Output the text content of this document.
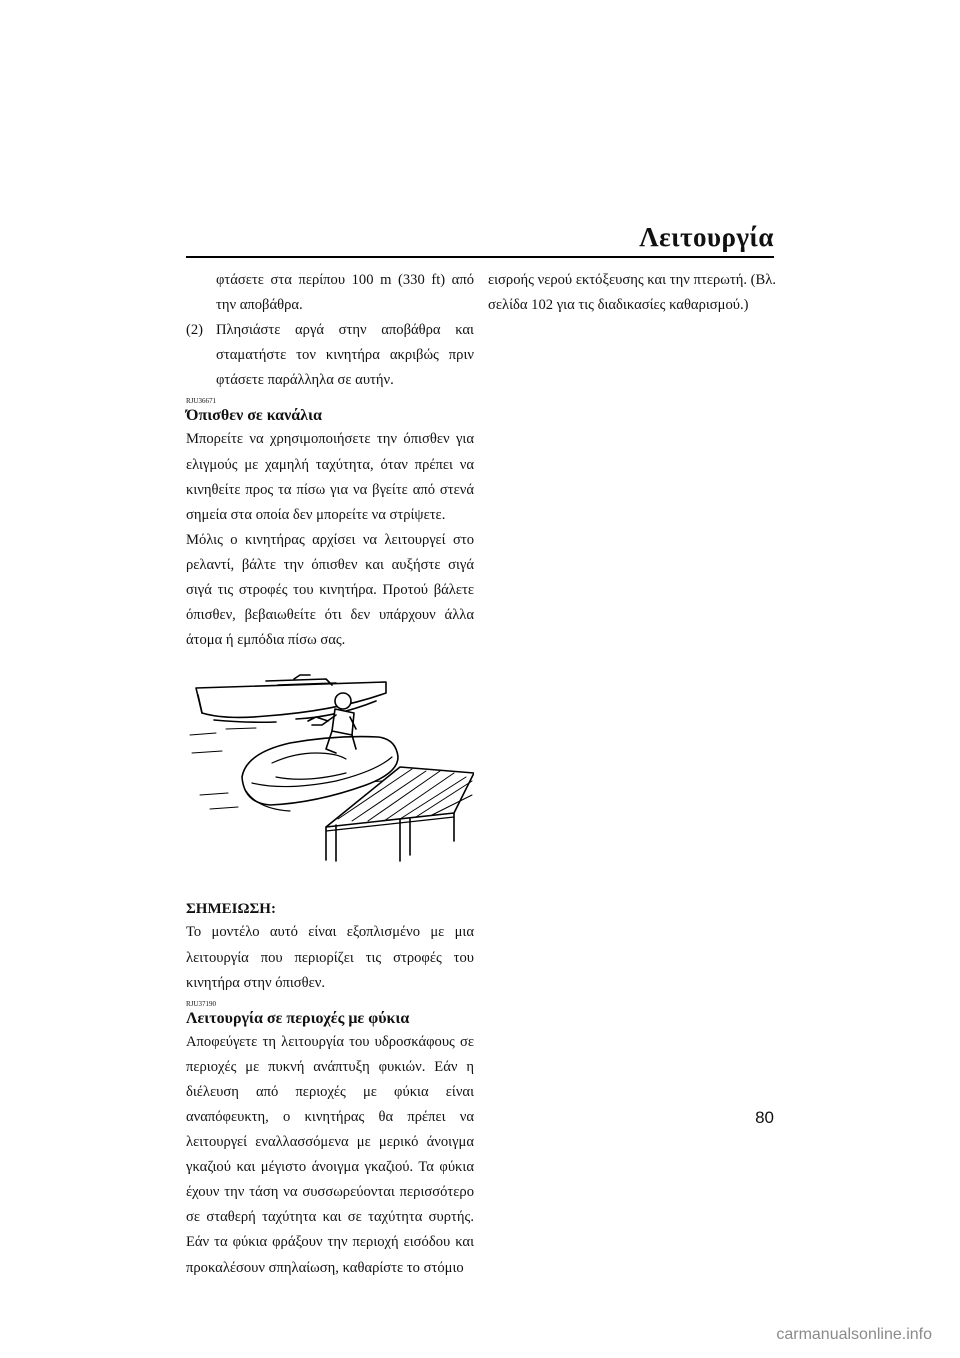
Λειτουργία

φτάσετε στα περίπου 100 m (330 ft) από την αποβάθρα.

(2) Πλησιάστε αργά στην αποβάθρα και σταματήστε τον κινητήρα ακριβώς πριν φτάσετε παράλληλα σε αυτήν.
RJU36671
Όπισθεν σε κανάλια

Μπορείτε να χρησιμοποιήσετε την όπισθεν για ελιγμούς με χαμηλή ταχύτητα, όταν πρέπει να κινηθείτε προς τα πίσω για να βγείτε από στενά σημεία στα οποία δεν μπορείτε να στρίψετε.

Μόλις ο κινητήρας αρχίσει να λειτουργεί στο ρελαντί, βάλτε την όπισθεν και αυξήστε σιγά σιγά τις στροφές του κινητήρα. Προτού βάλετε όπισθεν, βεβαιωθείτε ότι δεν υπάρχουν άλλα άτομα ή εμπόδια πίσω σας.

ΣΗΜΕΙΩΣΗ:

Το μοντέλο αυτό είναι εξοπλισμένο με μια λειτουργία που περιορίζει τις στροφές του κινητήρα στην όπισθεν.

RJU37190
Λειτουργία σε περιοχές με φύκια

Αποφεύγετε τη λειτουργία του υδροσκάφους σε περιοχές με πυκνή ανάπτυξη φυκιών. Εάν η διέλευση από περιοχές με φύκια είναι αναπόφευκτη, ο κινητήρας θα πρέπει να λειτουργεί εναλλασσόμενα με μερικό άνοιγμα γκαζιού και μέγιστο άνοιγμα γκαζιού. Τα φύκια έχουν την τάση να συσσωρεύονται περισσότερο σε σταθερή ταχύτητα και σε ταχύτητα συρτής. Εάν τα φύκια φράξουν την περιοχή εισόδου και προκαλέσουν σπηλαίωση, καθαρίστε το στόμιο

εισροής νερού εκτόξευσης και την πτερωτή. (Βλ. σελίδα 102 για τις διαδικασίες καθαρισμού.)

80
carmanualsonline.info
